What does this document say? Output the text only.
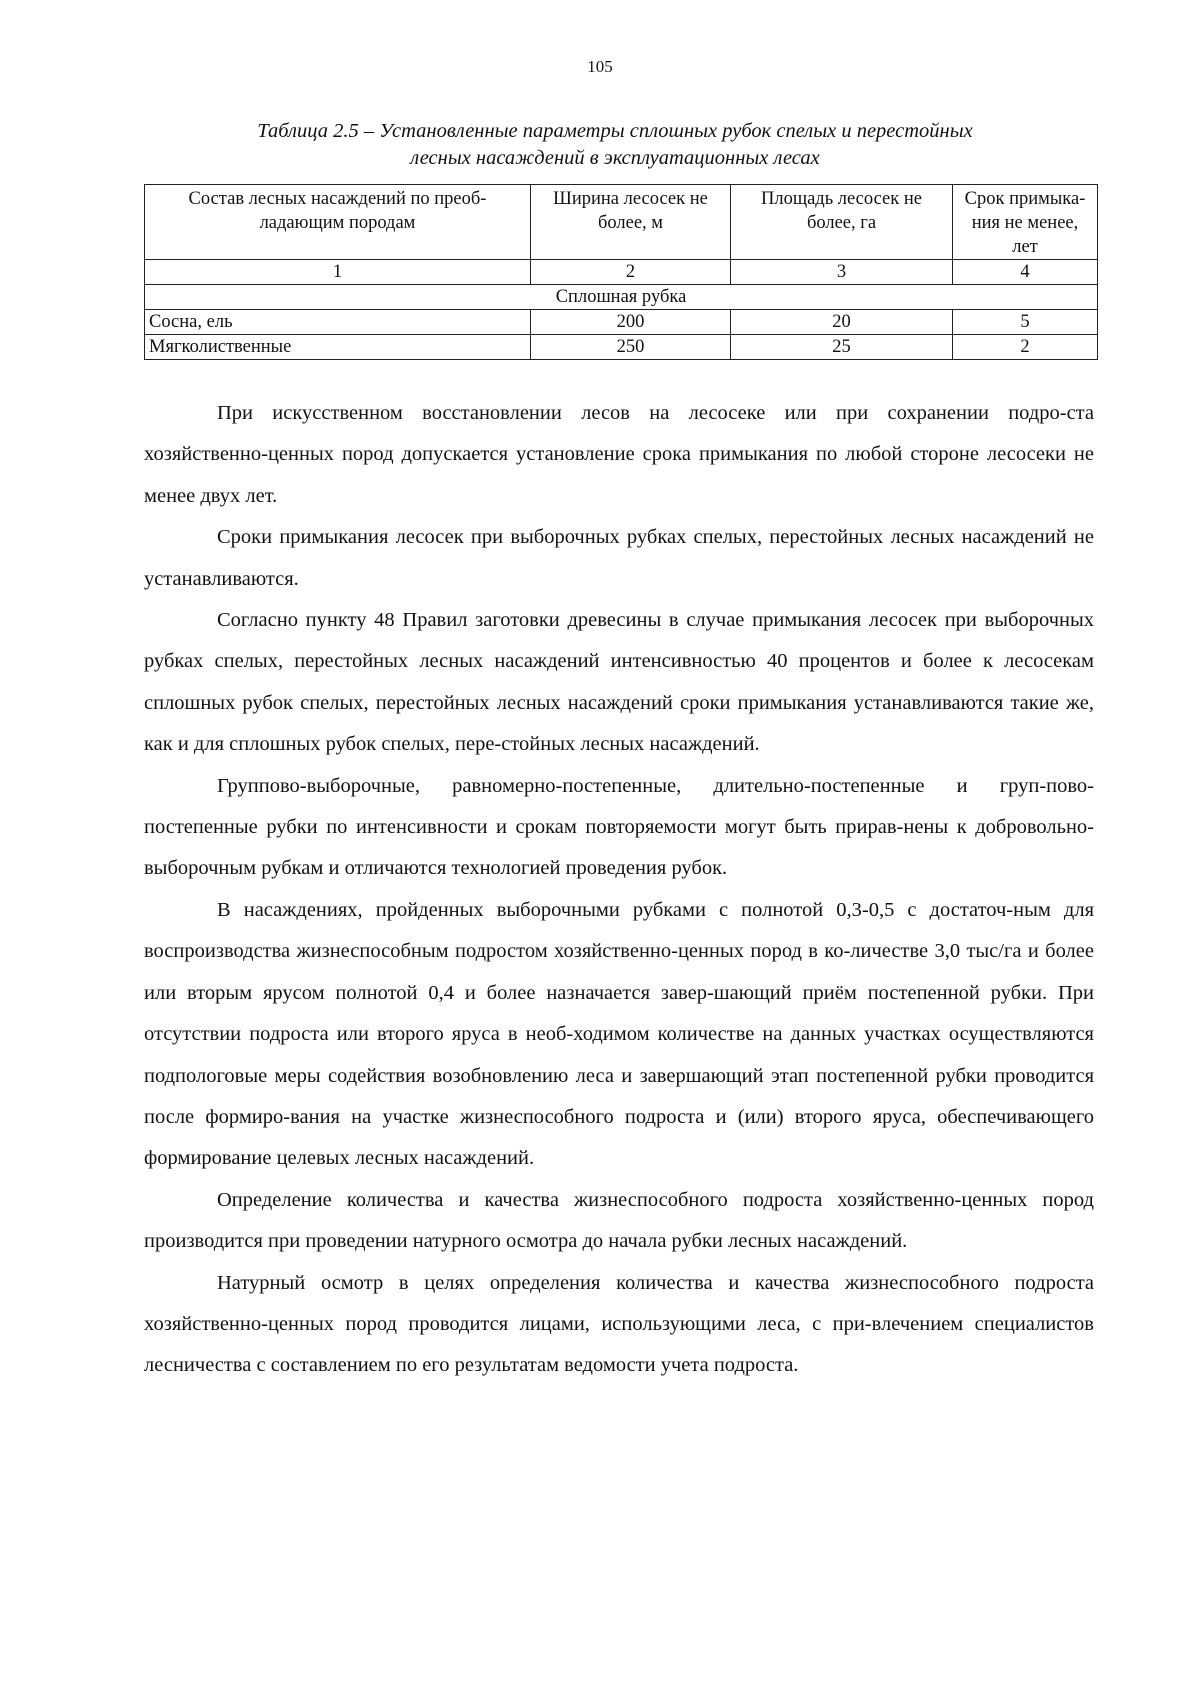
105
Таблица 2.5 – Установленные параметры сплошных рубок спелых и перестойных
лесных насаждений в эксплуатационных лесах
Состав лесных насаждений по преоб-ладающим породам	Ширина лесосек не более, м	Площадь лесосек не более, га	Срок примыка-ния не менее, лет
1	2	3	4
Сплошная рубка			
Сосна, ель	200	20	5
Мягколиственные	250	25	2

При искусственном восстановлении лесов на лесосеке или при сохранении подро-ста хозяйственно-ценных пород допускается установление срока примыкания по любой стороне лесосеки не менее двух лет.

Сроки примыкания лесосек при выборочных рубках спелых, перестойных лесных насаждений не устанавливаются.

Согласно пункту 48 Правил заготовки древесины в случае примыкания лесосек при выборочных рубках спелых, перестойных лесных насаждений интенсивностью 40 процентов и более к лесосекам сплошных рубок спелых, перестойных лесных насаждений сроки примыкания устанавливаются такие же, как и для сплошных рубок спелых, пере-стойных лесных насаждений.

Группово-выборочные, равномерно-постепенные, длительно-постепенные и груп-пово-постепенные рубки по интенсивности и срокам повторяемости могут быть прирав-нены к добровольно-выборочным рубкам и отличаются технологией проведения рубок.

В насаждениях, пройденных выборочными рубками с полнотой 0,3-0,5 с достаточ-ным для воспроизводства жизнеспособным подростом хозяйственно-ценных пород в ко-личестве 3,0 тыс/га и более или вторым ярусом полнотой 0,4 и более назначается завер-шающий приём постепенной рубки. При отсутствии подроста или второго яруса в необ-ходимом количестве на данных участках осуществляются подпологовые меры содействия возобновлению леса и завершающий этап постепенной рубки проводится после формиро-вания на участке жизнеспособного подроста и (или) второго яруса, обеспечивающего формирование целевых лесных насаждений.

Определение количества и качества жизнеспособного подроста хозяйственно-ценных пород производится при проведении натурного осмотра до начала рубки лесных насаждений.

Натурный осмотр в целях определения количества и качества жизнеспособного подроста хозяйственно-ценных пород проводится лицами, использующими леса, с при-влечением специалистов лесничества с составлением по его результатам ведомости учета подроста.
